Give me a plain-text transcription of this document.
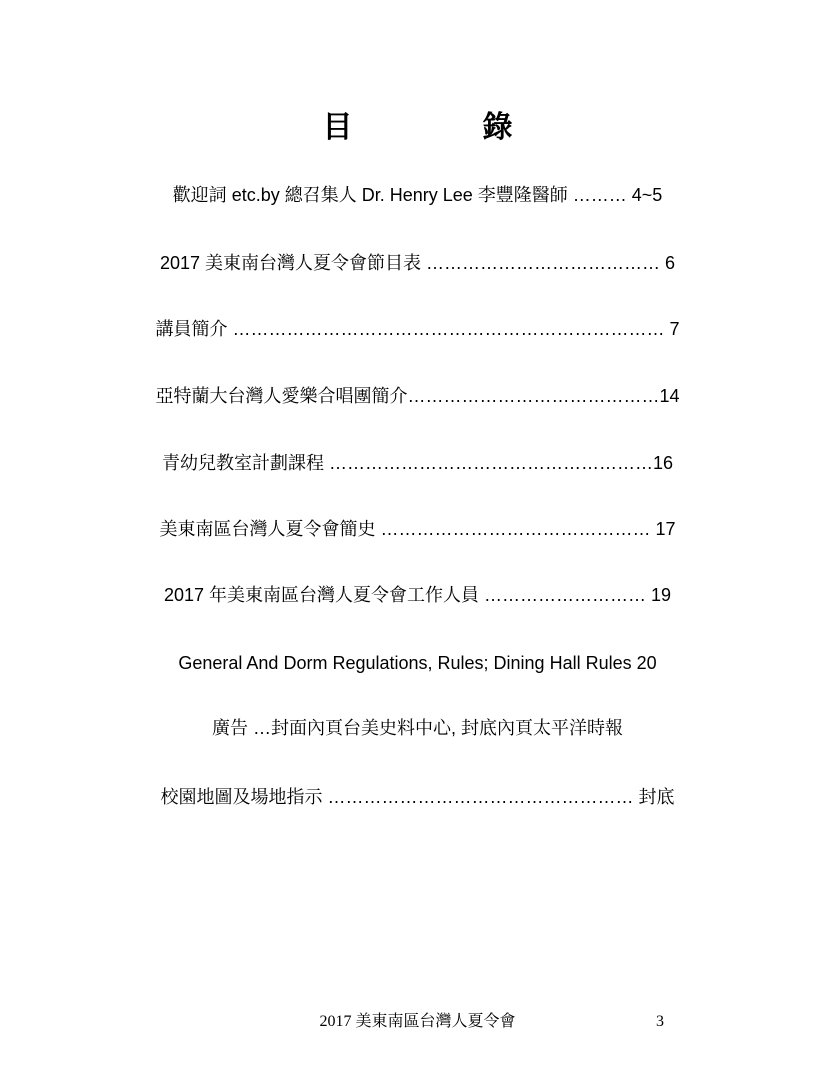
目　錄
歡迎詞 etc.by 總召集人 Dr. Henry Lee 李豐隆醫師 ……… 4~5
2017 美東南台灣人夏令會節目表 ………………………………… 6
講員簡介 ……………………………………………………………… 7
亞特蘭大台灣人愛樂合唱團簡介……………………………………14
青幼兒教室計劃課程 ………………………………………………16
美東南區台灣人夏令會簡史 ……………………………………… 17
2017 年美東南區台灣人夏令會工作人員 ……………………… 19
General And Dorm Regulations, Rules; Dining Hall Rules 20
廣告 …封面內頁台美史料中心, 封底內頁太平洋時報
校園地圖及場地指示 …………………………………………… 封底
2017 美東南區台灣人夏令會	3
